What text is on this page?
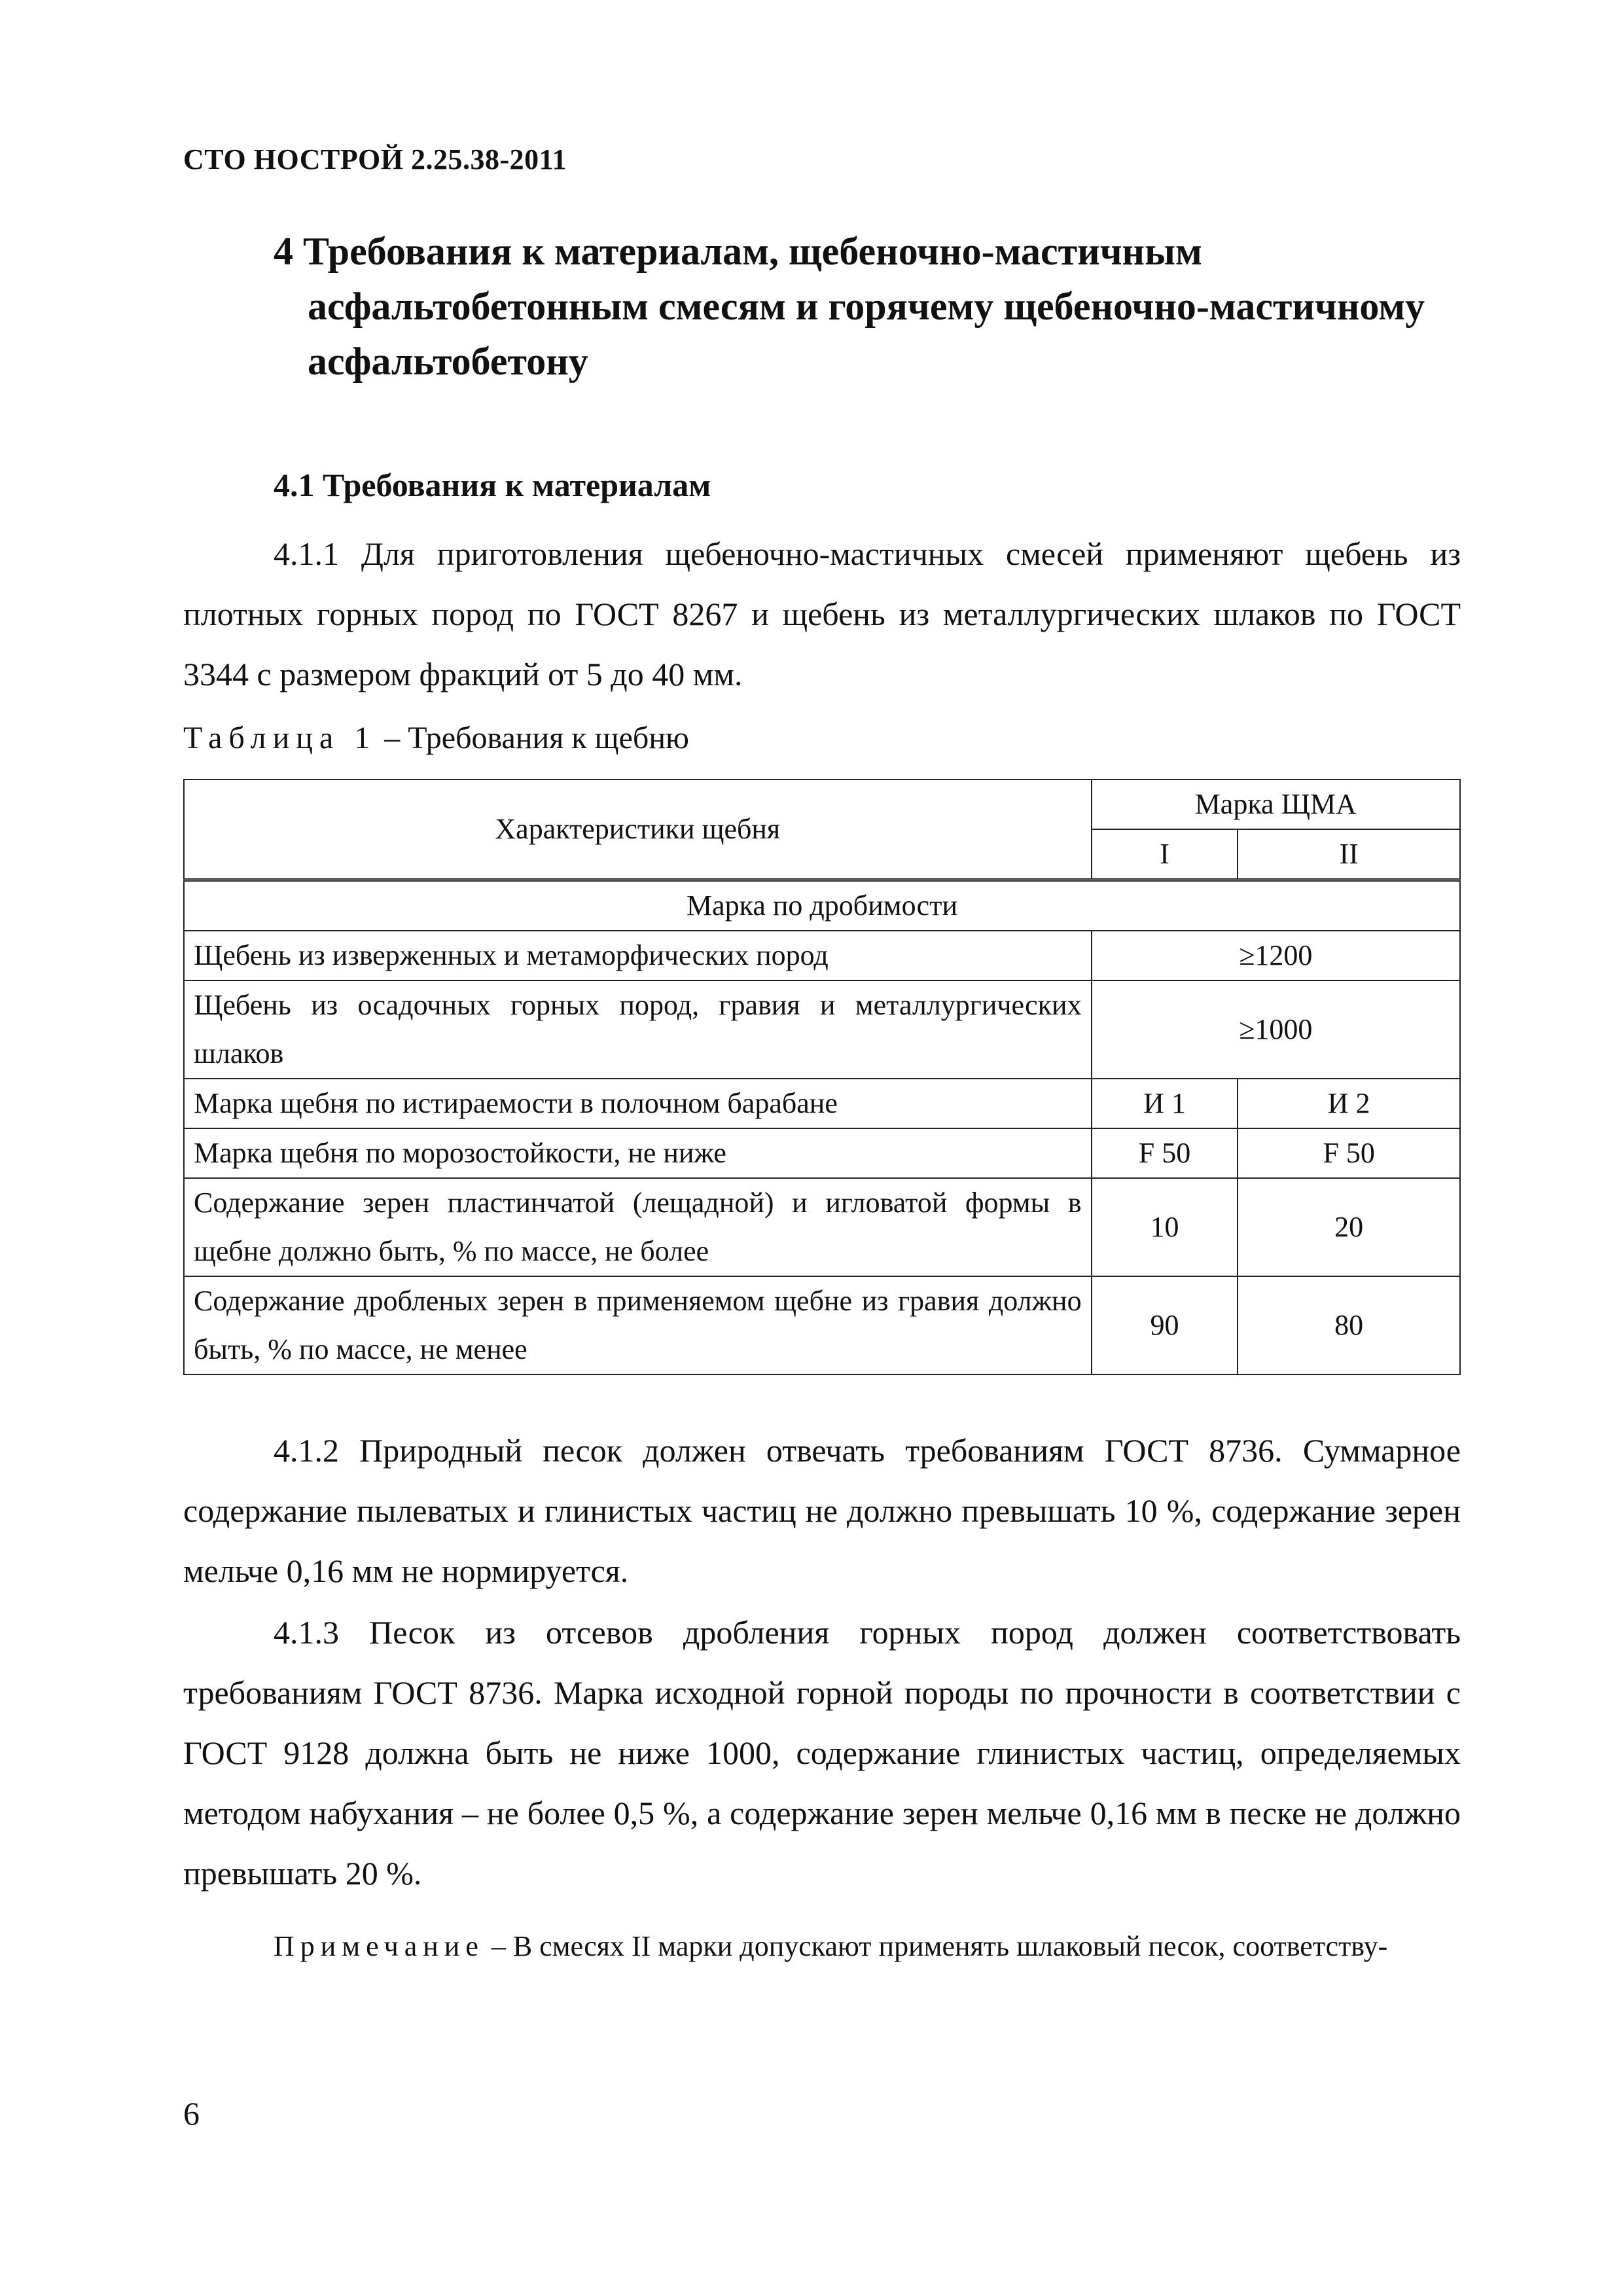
СТО НОСТРОЙ 2.25.38-2011
4 Требования к материалам, щебеночно-мастичным
асфальтобетонным смесям и горячему щебеночно-мастичному
асфальтобетону
4.1 Требования к материалам
4.1.1 Для приготовления щебеночно-мастичных смесей применяют щебень из плотных горных пород по ГОСТ 8267 и щебень из металлургических шлаков по ГОСТ 3344 с размером фракций от 5 до 40 мм.
Таблица 1 – Требования к щебню
Характеристики щебня	Марка ЩМА	
	I	II
Марка по дробимости		
Щебень из изверженных и метаморфических пород	≥1200	
Щебень из осадочных горных пород, гравия и металлургических шлаков	≥1000	
Марка щебня по истираемости в полочном барабане	И 1	И 2
Марка щебня по морозостойкости, не ниже	F 50	F 50
Содержание зерен пластинчатой (лещадной) и игловатой формы в щебне должно быть, % по массе, не более	10	20
Содержание дробленых зерен в применяемом щебне из гравия должно быть, % по массе, не менее	90	80
4.1.2 Природный песок должен отвечать требованиям ГОСТ 8736. Суммарное содержание пылеватых и глинистых частиц не должно превышать 10 %, содержание зерен мельче 0,16 мм не нормируется.
4.1.3 Песок из отсевов дробления горных пород должен соответствовать требованиям ГОСТ 8736. Марка исходной горной породы по прочности в соответствии с ГОСТ 9128 должна быть не ниже 1000, содержание глинистых частиц, определяемых методом набухания – не более 0,5 %, а содержание зерен мельче 0,16 мм в песке не должно превышать 20 %.
Примечание – В смесях II марки допускают применять шлаковый песок, соответству-
6
